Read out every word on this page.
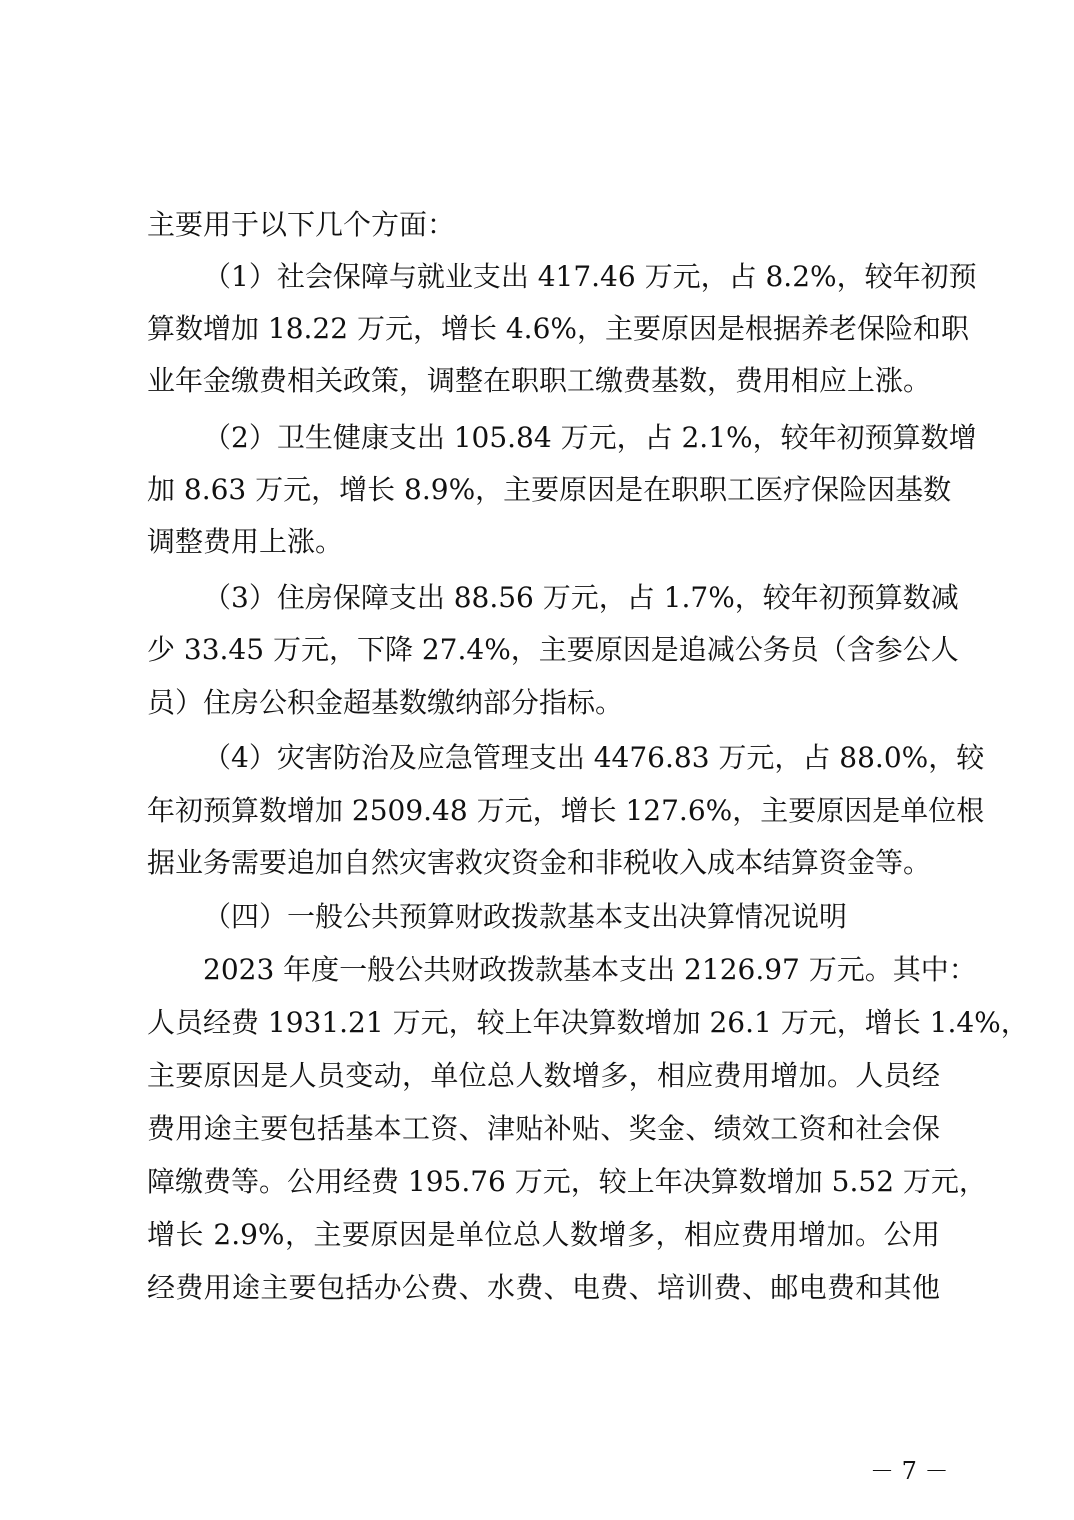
主要用于以下几个方面：
（1）社会保障与就业支出 417.46 万元，占 8.2%，较年初预
算数增加 18.22 万元，增长 4.6%，主要原因是根据养老保险和职
业年金缴费相关政策，调整在职职工缴费基数，费用相应上涨。
（2）卫生健康支出 105.84 万元，占 2.1%，较年初预算数增
加 8.63 万元，增长 8.9%，主要原因是在职职工医疗保险因基数
调整费用上涨。
（3）住房保障支出 88.56 万元，占 1.7%，较年初预算数减
少 33.45 万元，下降 27.4%，主要原因是追减公务员（含参公人
员）住房公积金超基数缴纳部分指标。
（4）灾害防治及应急管理支出 4476.83 万元，占 88.0%，较
年初预算数增加 2509.48 万元，增长 127.6%，主要原因是单位根
据业务需要追加自然灾害救灾资金和非税收入成本结算资金等。
（四）一般公共预算财政拨款基本支出决算情况说明
2023 年度一般公共财政拨款基本支出 2126.97 万元。其中：
人员经费 1931.21 万元，较上年决算数增加 26.1 万元，增长 1.4%，
主要原因是人员变动，单位总人数增多，相应费用增加。人员经
费用途主要包括基本工资、津贴补贴、奖金、绩效工资和社会保
障缴费等。公用经费 195.76 万元，较上年决算数增加 5.52 万元，
增长 2.9%，主要原因是单位总人数增多，相应费用增加。公用
经费用途主要包括办公费、水费、电费、培训费、邮电费和其他
－ 7 －
